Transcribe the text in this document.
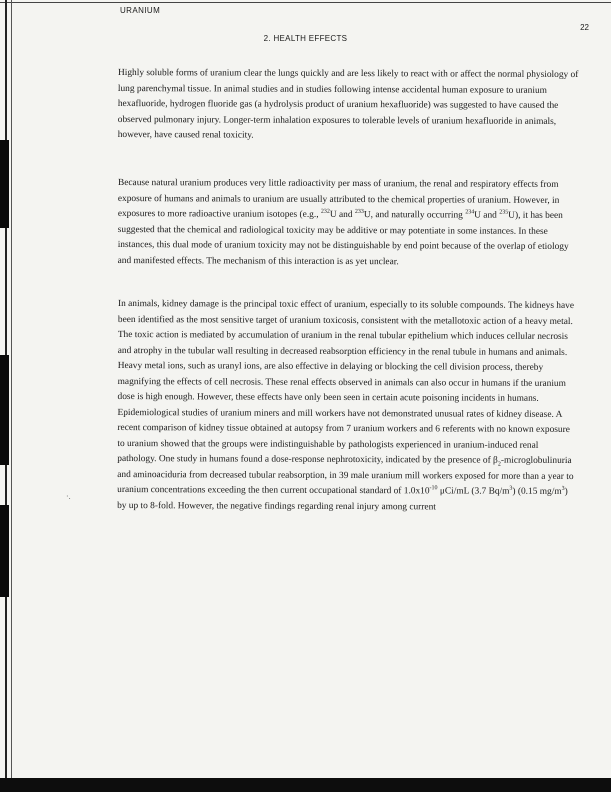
·.
URANIUM
22
2. HEALTH EFFECTS

Highly soluble forms of uranium clear the lungs quickly and are less likely to react with or affect the normal physiology of lung parenchymal tissue. In animal studies and in studies following intense accidental human exposure to uranium hexafluoride, hydrogen fluoride gas (a hydrolysis product of uranium hexafluoride) was suggested to have caused the observed pulmonary injury. Longer-term inhalation exposures to tolerable levels of uranium hexafluoride in animals, however, have caused renal toxicity.

Because natural uranium produces very little radioactivity per mass of uranium, the renal and respiratory effects from exposure of humans and animals to uranium are usually attributed to the chemical properties of uranium. However, in exposures to more radioactive uranium isotopes (e.g., $^{232}$U and $^{233}$U, and naturally occurring $^{234}$U and $^{235}$U), it has been suggested that the chemical and radiological toxicity may be additive or may potentiate in some instances. In these instances, this dual mode of uranium toxicity may not be distinguishable by end point because of the overlap of etiology and manifested effects. The mechanism of this interaction is as yet unclear.

In animals, kidney damage is the principal toxic effect of uranium, especially to its soluble compounds. The kidneys have been identified as the most sensitive target of uranium toxicosis, consistent with the metallotoxic action of a heavy metal. The toxic action is mediated by accumulation of uranium in the renal tubular epithelium which induces cellular necrosis and atrophy in the tubular wall resulting in decreased reabsorption efficiency in the renal tubule in humans and animals. Heavy metal ions, such as uranyl ions, are also effective in delaying or blocking the cell division process, thereby magnifying the effects of cell necrosis. These renal effects observed in animals can also occur in humans if the uranium dose is high enough. However, these effects have only been seen in certain acute poisoning incidents in humans. Epidemiological studies of uranium miners and mill workers have not demonstrated unusual rates of kidney disease. A recent comparison of kidney tissue obtained at autopsy from 7 uranium workers and 6 referents with no known exposure to uranium showed that the groups were indistinguishable by pathologists experienced in uranium-induced renal pathology. One study in humans found a dose-response nephrotoxicity, indicated by the presence of $\beta_2$-microglobulinuria and aminoaciduria from decreased tubular reabsorption, in 39 male uranium mill workers exposed for more than a year to uranium concentrations exceeding the then current occupational standard of $1.0x10^{-10}$ μCi/mL (3.7 $Bq/m^3$) (0.15 $mg/m^3$) by up to 8-fold. However, the negative findings regarding renal injury among current
